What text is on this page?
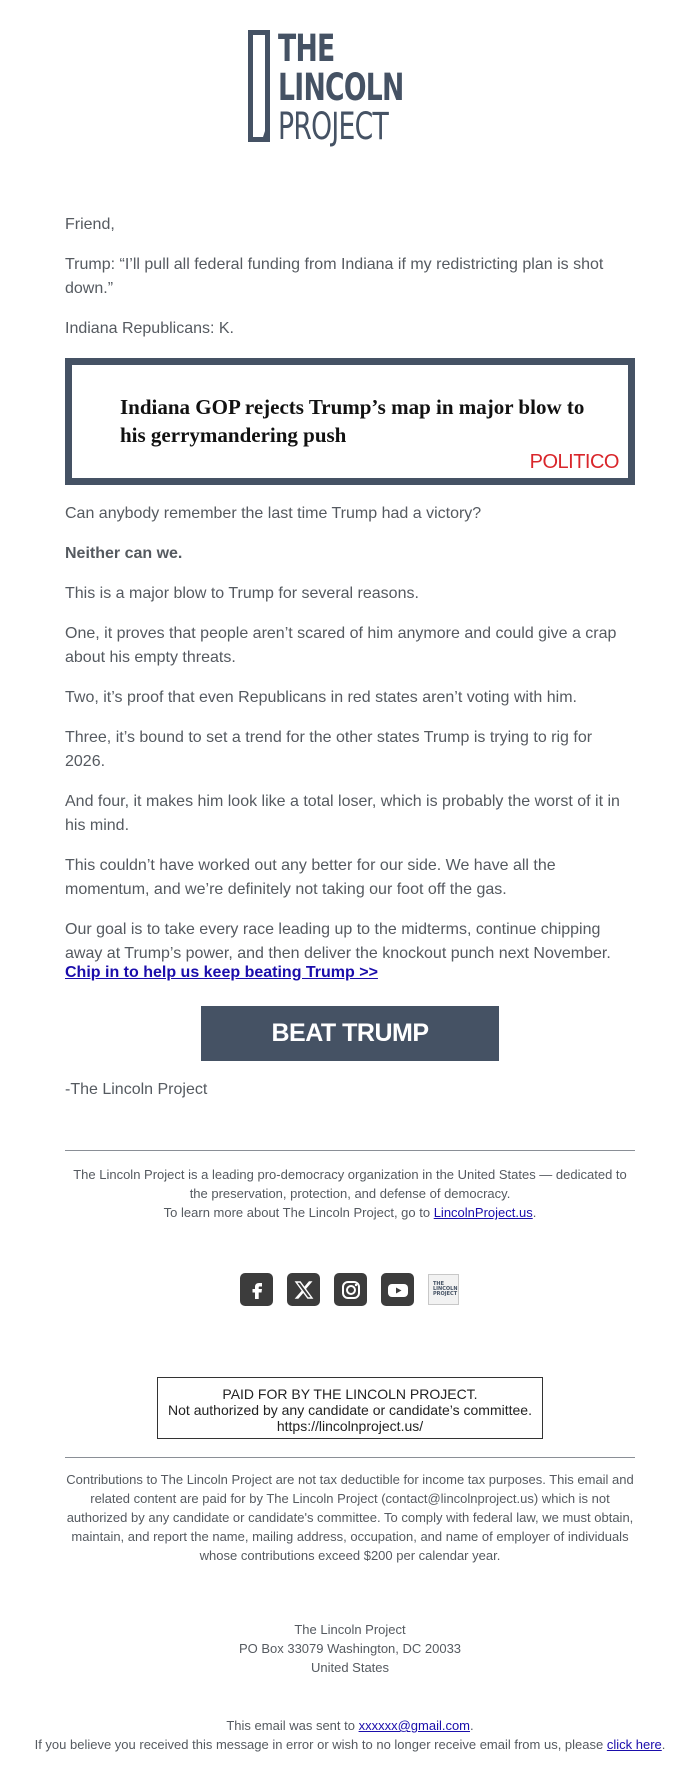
THE
LINCOLN
PROJECT

Friend,

Trump: “I’ll pull all federal funding from Indiana if my redistricting plan is shot down.”

Indiana Republicans: K.

Indiana GOP rejects Trump’s map in major blow to his gerrymandering push
POLITICO

Can anybody remember the last time Trump had a victory?

Neither can we.

This is a major blow to Trump for several reasons.

One, it proves that people aren’t scared of him anymore and could give a crap about his empty threats.

Two, it’s proof that even Republicans in red states aren’t voting with him.

Three, it’s bound to set a trend for the other states Trump is trying to rig for 2026.

And four, it makes him look like a total loser, which is probably the worst of it in his mind.

This couldn’t have worked out any better for our side. We have all the momentum, and we’re definitely not taking our foot off the gas.

Our goal is to take every race leading up to the midterms, continue chipping away at Trump’s power, and then deliver the knockout punch next November.

Chip in to help us keep beating Trump >>
BEAT TRUMP

-The Lincoln Project

The Lincoln Project is a leading pro-democracy organization in the United States — dedicated to the preservation, protection, and defense of democracy.
To learn more about The Lincoln Project, go to LincolnProject.us.
THE
LINCOLN
PROJECT
PAID FOR BY THE LINCOLN PROJECT.
Not authorized by any candidate or candidate’s committee.
https://lincolnproject.us/
Contributions to The Lincoln Project are not tax deductible for income tax purposes. This email and related content are paid for by The Lincoln Project (contact@lincolnproject.us) which is not authorized by any candidate or candidate's committee. To comply with federal law, we must obtain, maintain, and report the name, mailing address, occupation, and name of employer of individuals whose contributions exceed $200 per calendar year.
The Lincoln Project
PO Box 33079 Washington, DC 20033
United States
This email was sent to xxxxxx@gmail.com.
If you believe you received this message in error or wish to no longer receive email from us, please click here.
